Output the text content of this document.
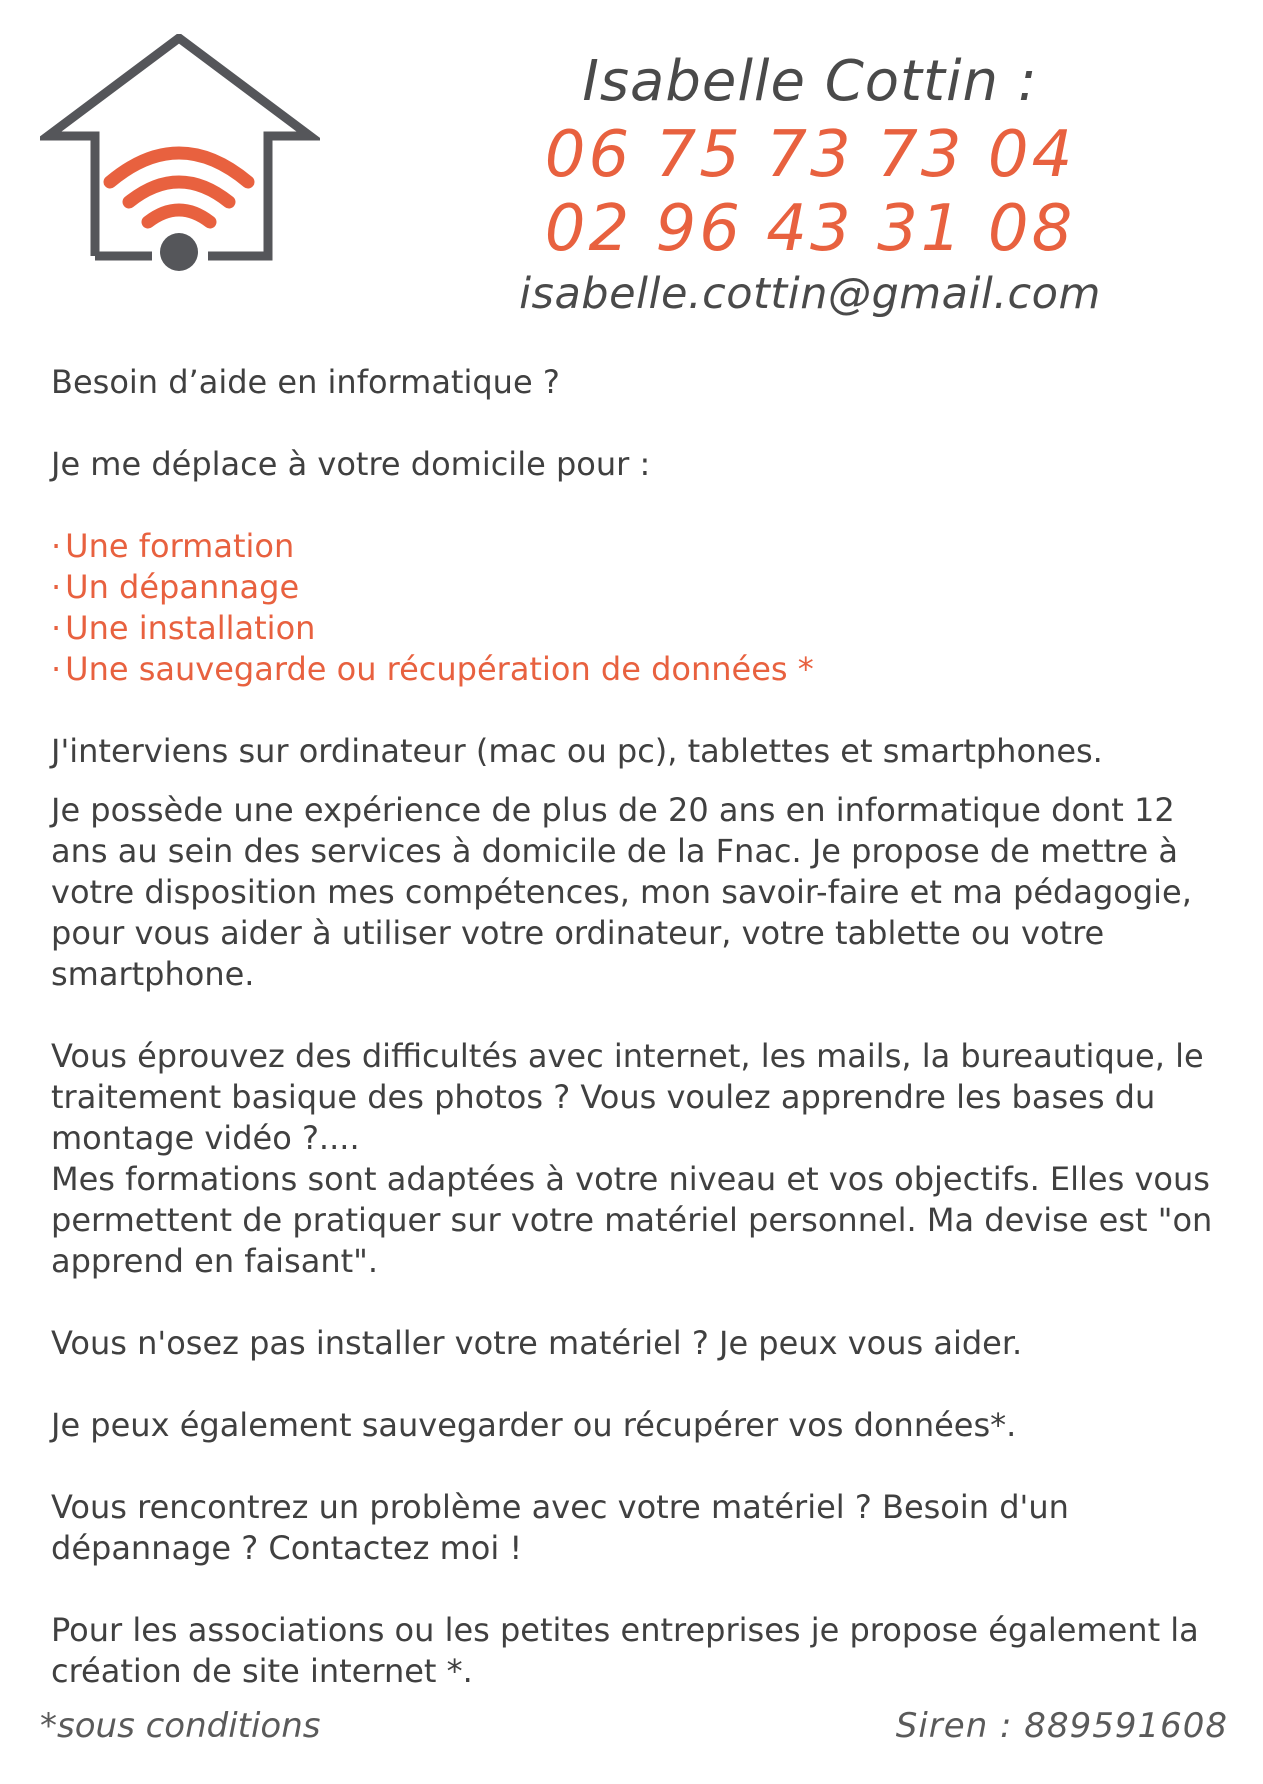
Isabelle Cottin :
06 75 73 73 04
02 96 43 31 08
isabelle.cottin@gmail.com

Besoin d’aide en informatique ?

Je me déplace à votre domicile pour :

· Une formation
· Un dépannage
· Une installation
· Une sauvegarde ou récupération de données *

J'interviens sur ordinateur (mac ou pc), tablettes et smartphones.

Je possède une expérience de plus de 20 ans en informatique dont 12 ans au sein des services à domicile de la Fnac. Je propose de mettre à votre disposition mes compétences, mon savoir-faire et ma pédagogie, pour vous aider à utiliser votre ordinateur, votre tablette ou votre smartphone.

Vous éprouvez des difficultés avec internet, les mails, la bureautique, le traitement basique des photos ? Vous voulez apprendre les bases du montage vidéo ?....

Mes formations sont adaptées à votre niveau et vos objectifs. Elles vous permettent de pratiquer sur votre matériel personnel. Ma devise est "on apprend en faisant".

Vous n'osez pas installer votre matériel ? Je peux vous aider.

Je peux également sauvegarder ou récupérer vos données*.

Vous rencontrez un problème avec votre matériel ? Besoin d'un dépannage ? Contactez moi !

Pour les associations ou les petites entreprises je propose également la création de site internet *.

*sous conditions	Siren : 889591608
